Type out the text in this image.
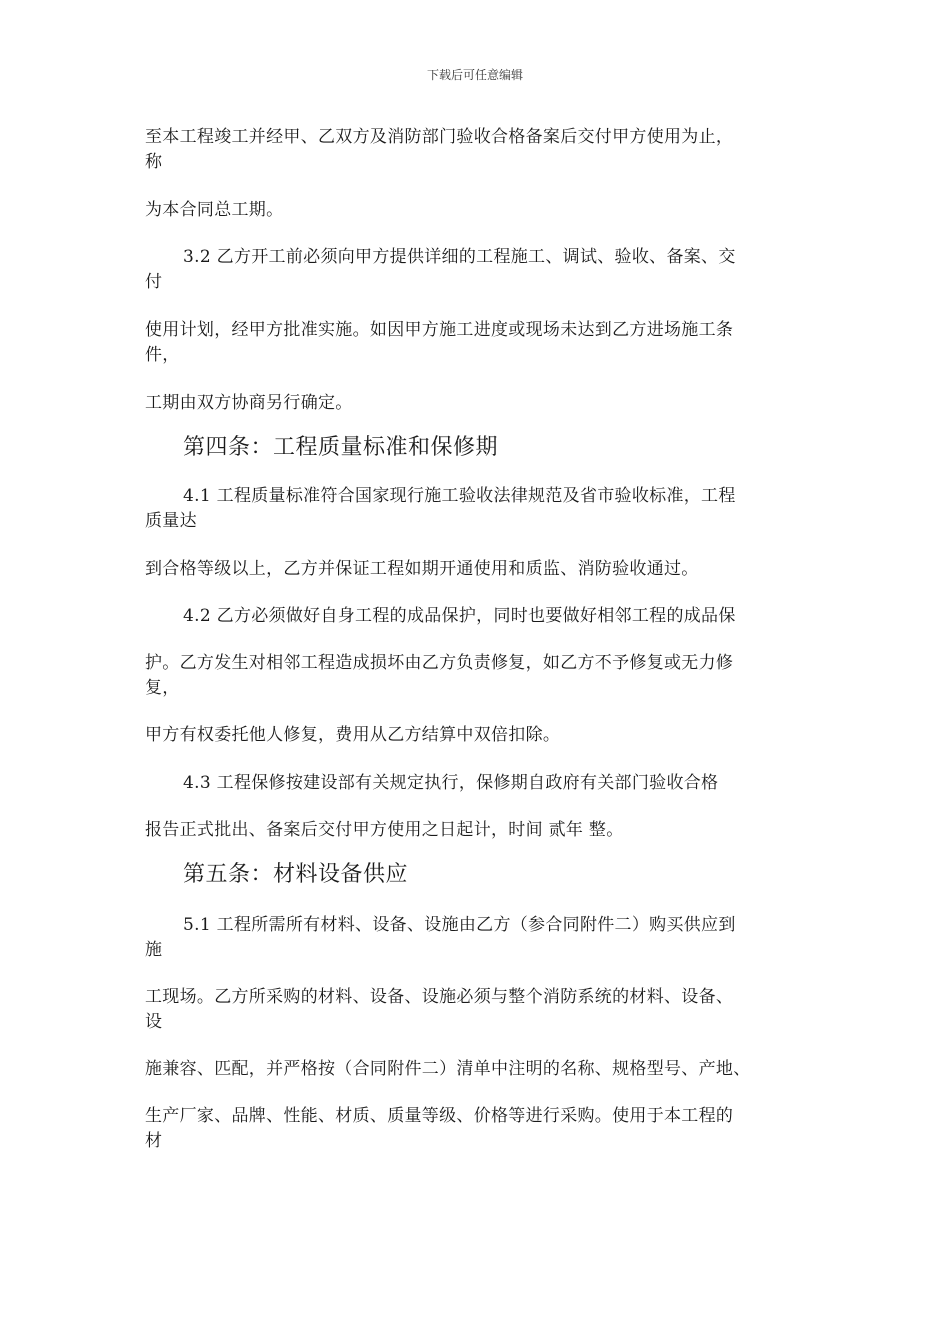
下载后可任意编辑
至本工程竣工并经甲、乙双方及消防部门验收合格备案后交付甲方使用为止，
称
为本合同总工期。
3.2 乙方开工前必须向甲方提供详细的工程施工、调试、验收、备案、交
付
使用计划，经甲方批准实施。如因甲方施工进度或现场未达到乙方进场施工条
件，
工期由双方协商另行确定。
第四条：工程质量标准和保修期
4.1 工程质量标准符合国家现行施工验收法律规范及省市验收标准，工程
质量达
到合格等级以上，乙方并保证工程如期开通使用和质监、消防验收通过。
4.2 乙方必须做好自身工程的成品保护，同时也要做好相邻工程的成品保
护。乙方发生对相邻工程造成损坏由乙方负责修复，如乙方不予修复或无力修
复，
甲方有权委托他人修复，费用从乙方结算中双倍扣除。
4.3 工程保修按建设部有关规定执行，保修期自政府有关部门验收合格
报告正式批出、备案后交付甲方使用之日起计，时间 贰年 整。
第五条：材料设备供应
5.1 工程所需所有材料、设备、设施由乙方（参合同附件二）购买供应到
施
工现场。乙方所采购的材料、设备、设施必须与整个消防系统的材料、设备、
设
施兼容、匹配，并严格按（合同附件二）清单中注明的名称、规格型号、产地、
生产厂家、品牌、性能、材质、质量等级、价格等进行采购。使用于本工程的
材
